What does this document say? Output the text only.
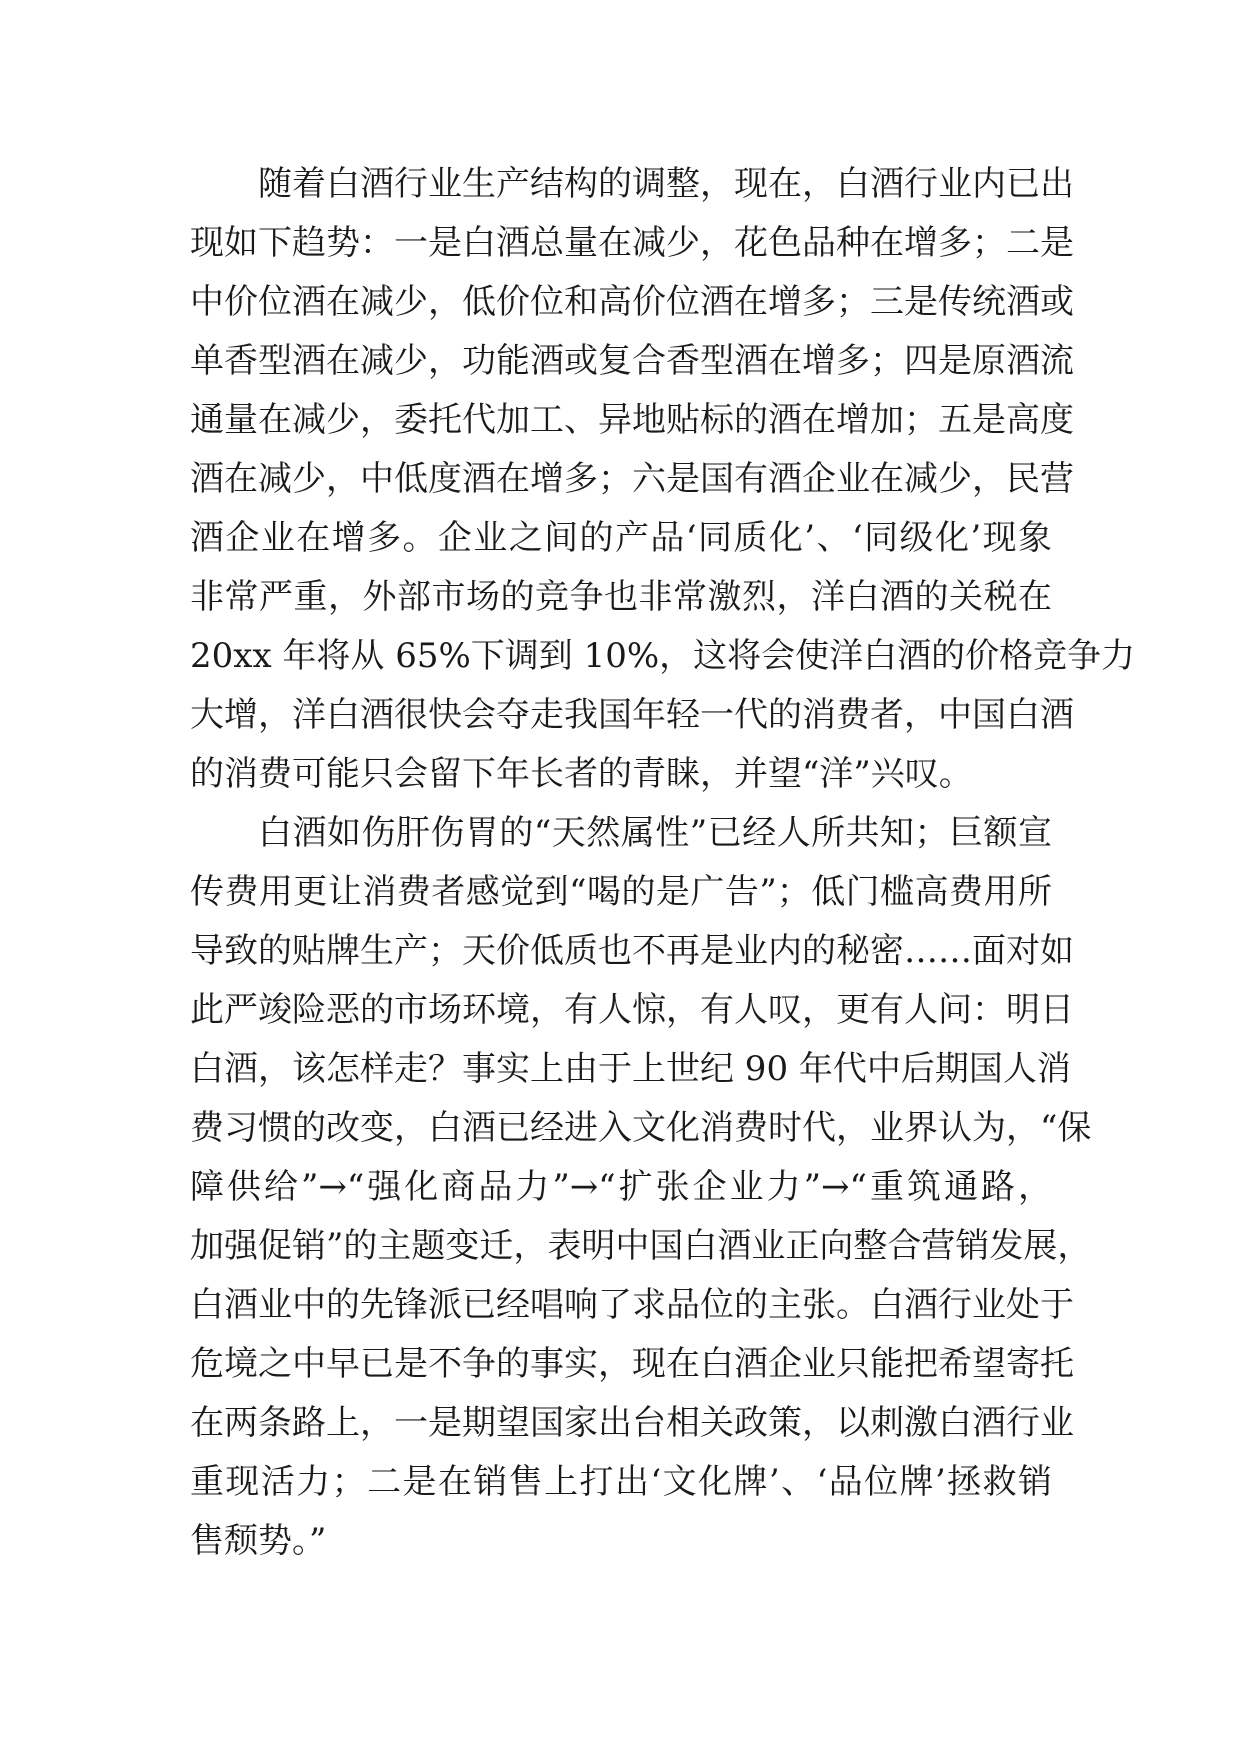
随着白酒行业生产结构的调整，现在，白酒行业内已出
现如下趋势：一是白酒总量在减少，花色品种在增多；二是
中价位酒在减少，低价位和高价位酒在增多；三是传统酒或
单香型酒在减少，功能酒或复合香型酒在增多；四是原酒流
通量在减少，委托代加工、异地贴标的酒在增加；五是高度
酒在减少，中低度酒在增多；六是国有酒企业在减少，民营
酒企业在增多。企业之间的产品‘同质化’、‘同级化’现象
非常严重，外部市场的竞争也非常激烈，洋白酒的关税在
20xx 年将从 65%下调到 10%，这将会使洋白酒的价格竞争力
大增，洋白酒很快会夺走我国年轻一代的消费者，中国白酒
的消费可能只会留下年长者的青睐，并望“洋”兴叹。
白酒如伤肝伤胃的“天然属性”已经人所共知；巨额宣
传费用更让消费者感觉到“喝的是广告”；低门槛高费用所
导致的贴牌生产；天价低质也不再是业内的秘密……面对如
此严竣险恶的市场环境，有人惊，有人叹，更有人问：明日
白酒，该怎样走？事实上由于上世纪 90 年代中后期国人消
费习惯的改变，白酒已经进入文化消费时代，业界认为，“保
障供给”→“强化商品力”→“扩张企业力”→“重筑通路，
加强促销”的主题变迁，表明中国白酒业正向整合营销发展，
白酒业中的先锋派已经唱响了求品位的主张。白酒行业处于
危境之中早已是不争的事实，现在白酒企业只能把希望寄托
在两条路上，一是期望国家出台相关政策，以刺激白酒行业
重现活力；二是在销售上打出‘文化牌’、‘品位牌’拯救销
售颓势。”
